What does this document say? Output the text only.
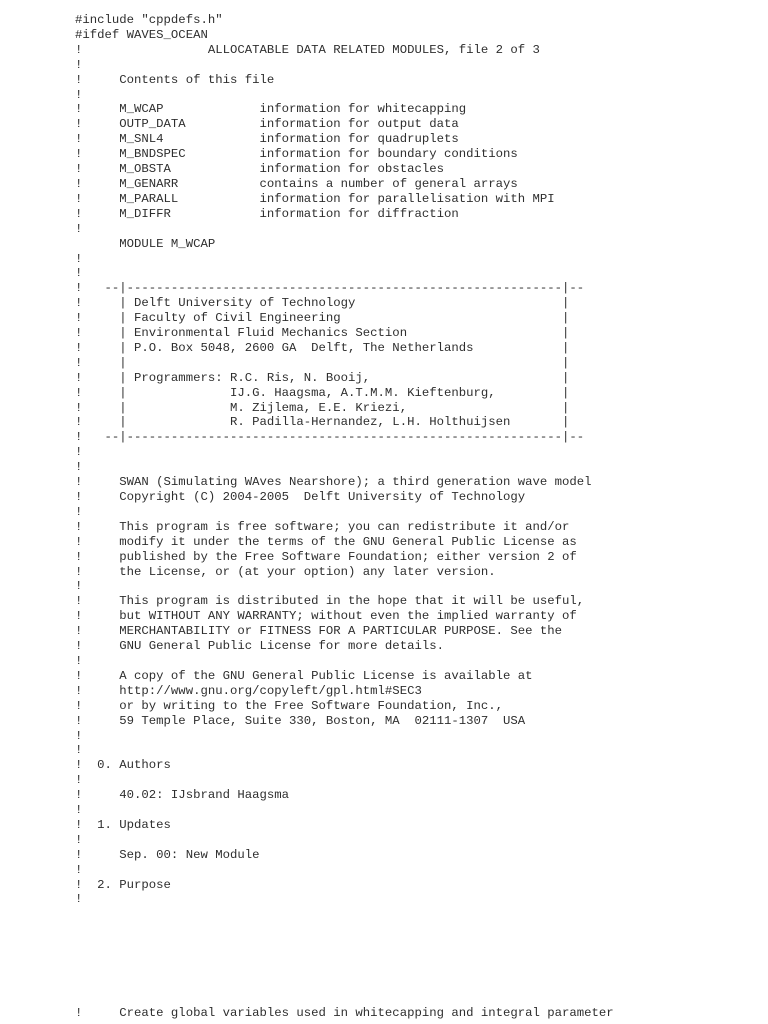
#include "cppdefs.h"
#ifdef WAVES_OCEAN
!                 ALLOCATABLE DATA RELATED MODULES, file 2 of 3
!
!     Contents of this file
!
!     M_WCAP             information for whitecapping
!     OUTP_DATA          information for output data
!     M_SNL4             information for quadruplets
!     M_BNDSPEC          information for boundary conditions
!     M_OBSTA            information for obstacles
!     M_GENARR           contains a number of general arrays
!     M_PARALL           information for parallelisation with MPI
!     M_DIFFR            information for diffraction
!
MODULE M_WCAP
!
!
!   --|-----------------------------------------------------------|--
!     | Delft University of Technology                            |
!     | Faculty of Civil Engineering                              |
!     | Environmental Fluid Mechanics Section                     |
!     | P.O. Box 5048, 2600 GA  Delft, The Netherlands            |
!     |                                                           |
!     | Programmers: R.C. Ris, N. Booij,                          |
!     |              IJ.G. Haagsma, A.T.M.M. Kieftenburg,         |
!     |              M. Zijlema, E.E. Kriezi,                     |
!     |              R. Padilla-Hernandez, L.H. Holthuijsen       |
!   --|-----------------------------------------------------------|--
!
!
!     SWAN (Simulating WAves Nearshore); a third generation wave model
!     Copyright (C) 2004-2005  Delft University of Technology
!
!     This program is free software; you can redistribute it and/or
!     modify it under the terms of the GNU General Public License as
!     published by the Free Software Foundation; either version 2 of
!     the License, or (at your option) any later version.
!
!     This program is distributed in the hope that it will be useful,
!     but WITHOUT ANY WARRANTY; without even the implied warranty of
!     MERCHANTABILITY or FITNESS FOR A PARTICULAR PURPOSE. See the
!     GNU General Public License for more details.
!
!     A copy of the GNU General Public License is available at
!     http://www.gnu.org/copyleft/gpl.html#SEC3
!     or by writing to the Free Software Foundation, Inc.,
!     59 Temple Place, Suite 330, Boston, MA  02111-1307  USA
!
!
!  0. Authors
!
!     40.02: IJsbrand Haagsma
!
!  1. Updates
!
!     Sep. 00: New Module
!
!  2. Purpose
!
!     Create global variables used in whitecapping and integral parameter
